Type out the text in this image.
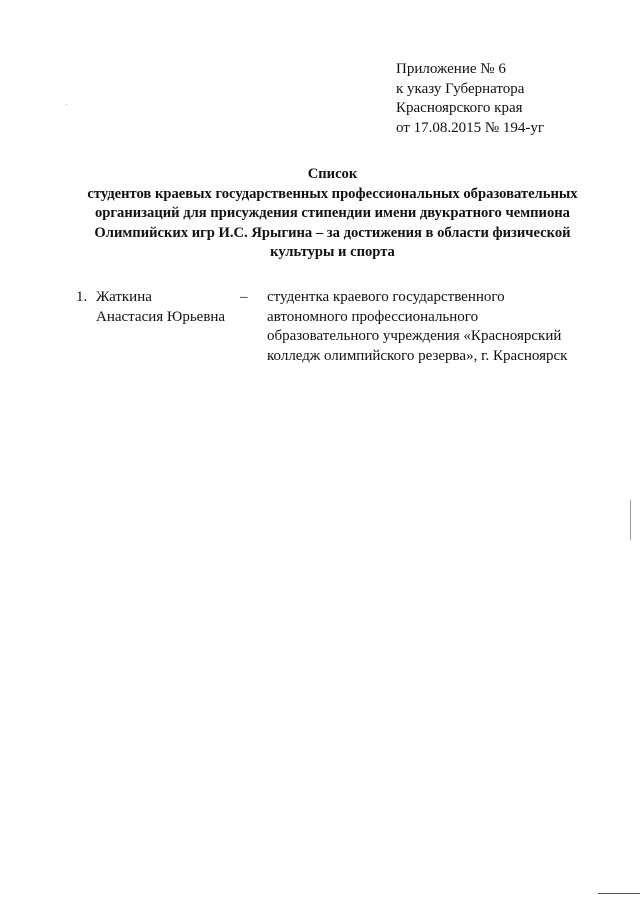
Приложение № 6
к указу Губернатора
Красноярского края
от 17.08.2015 № 194-уг
Список
студентов краевых государственных профессиональных образовательных
организаций для присуждения стипендии имени двукратного чемпиона
Олимпийских игр И.С. Ярыгина – за достижения в области физической
культуры и спорта
1. Жаткина
Анастасия Юрьевна
– студентка краевого государственного
автономного профессионального
образовательного учреждения «Красноярский
колледж олимпийского резерва», г. Красноярск
